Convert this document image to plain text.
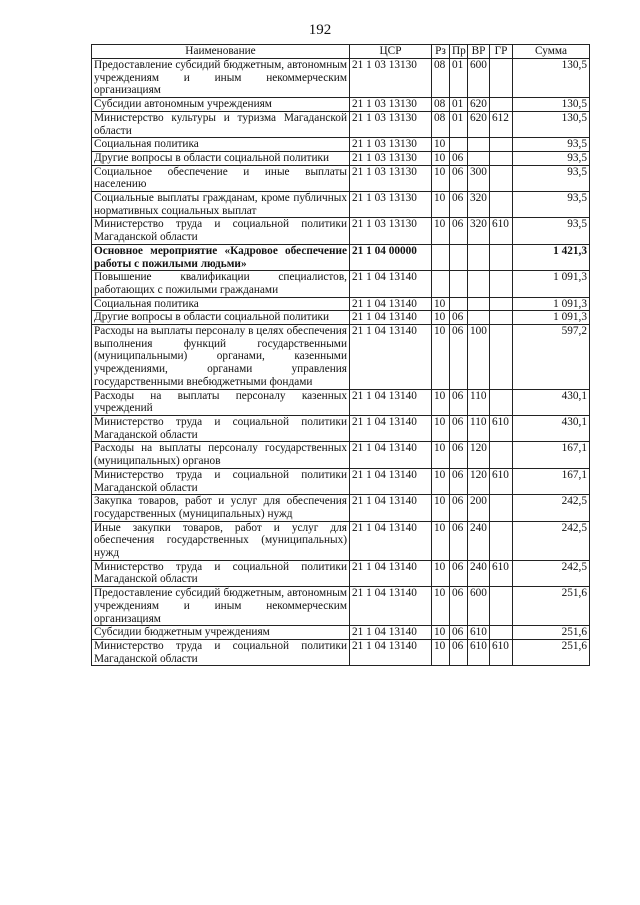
192
Наименование	ЦСР	Рз	Пр	ВР	ГР	Сумма
Предоставление субсидий бюджетным, автономным учреждениям и иным некоммерческим организациям	21 1 03 13130	08	01	600		130,5
Субсидии автономным учреждениям	21 1 03 13130	08	01	620		130,5
Министерство культуры и туризма Магаданской области	21 1 03 13130	08	01	620	612	130,5
Социальная политика	21 1 03 13130	10				93,5
Другие вопросы в области социальной политики	21 1 03 13130	10	06			93,5
Социальное обеспечение и иные выплаты населению	21 1 03 13130	10	06	300		93,5
Социальные выплаты гражданам, кроме публичных нормативных социальных выплат	21 1 03 13130	10	06	320		93,5
Министерство труда и социальной политики Магаданской области	21 1 03 13130	10	06	320	610	93,5
Основное мероприятие «Кадровое обеспечение работы с пожилыми людьми»	21 1 04 00000					1 421,3
Повышение квалификации специалистов, работающих с пожилыми гражданами	21 1 04 13140					1 091,3
Социальная политика	21 1 04 13140	10				1 091,3
Другие вопросы в области социальной политики	21 1 04 13140	10	06			1 091,3
Расходы на выплаты персоналу в целях обеспечения выполнения функций государственными (муниципальными) органами, казенными учреждениями, органами управления государственными внебюджетными фондами	21 1 04 13140	10	06	100		597,2
Расходы на выплаты персоналу казенных учреждений	21 1 04 13140	10	06	110		430,1
Министерство труда и социальной политики Магаданской области	21 1 04 13140	10	06	110	610	430,1
Расходы на выплаты персоналу государственных (муниципальных) органов	21 1 04 13140	10	06	120		167,1
Министерство труда и социальной политики Магаданской области	21 1 04 13140	10	06	120	610	167,1
Закупка товаров, работ и услуг для обеспечения государственных (муниципальных) нужд	21 1 04 13140	10	06	200		242,5
Иные закупки товаров, работ и услуг для обеспечения государственных (муниципальных) нужд	21 1 04 13140	10	06	240		242,5
Министерство труда и социальной политики Магаданской области	21 1 04 13140	10	06	240	610	242,5
Предоставление субсидий бюджетным, автономным учреждениям и иным некоммерческим организациям	21 1 04 13140	10	06	600		251,6
Субсидии бюджетным учреждениям	21 1 04 13140	10	06	610		251,6
Министерство труда и социальной политики Магаданской области	21 1 04 13140	10	06	610	610	251,6
